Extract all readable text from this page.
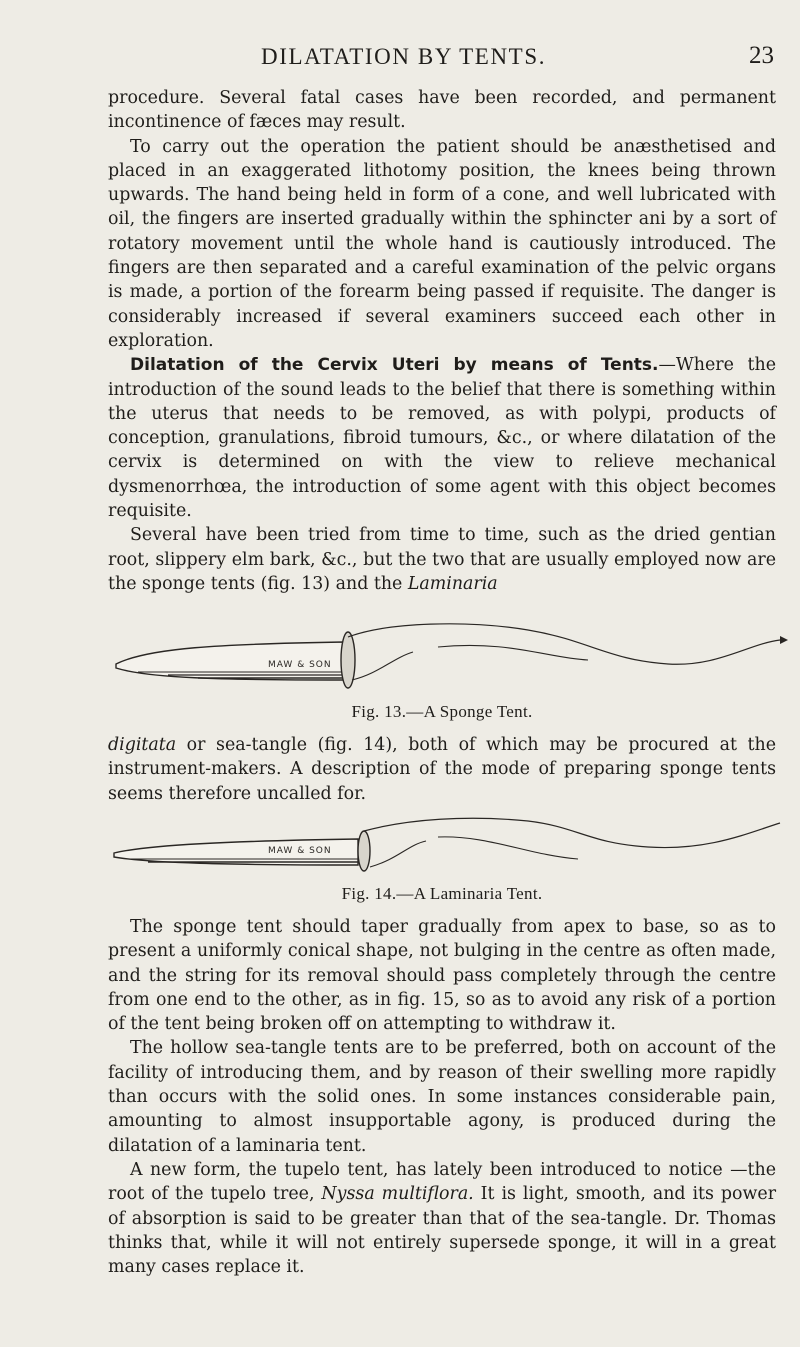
DILATATION BY TENTS.	23

procedure. Several fatal cases have been recorded, and permanent incontinence of fæces may result.

To carry out the operation the patient should be anæsthetised and placed in an exaggerated lithotomy position, the knees being thrown upwards. The hand being held in form of a cone, and well lubricated with oil, the fingers are inserted gradually within the sphincter ani by a sort of rotatory movement until the whole hand is cautiously introduced. The fingers are then separated and a careful examination of the pelvic organs is made, a portion of the forearm being passed if requisite. The danger is considerably increased if several examiners succeed each other in exploration.

Dilatation of the Cervix Uteri by means of Tents.—Where the introduction of the sound leads to the belief that there is something within the uterus that needs to be removed, as with polypi, products of conception, granulations, fibroid tumours, &c., or where dilatation of the cervix is determined on with the view to relieve mechanical dysmenorrhœa, the introduction of some agent with this object becomes requisite.

Several have been tried from time to time, such as the dried gentian root, slippery elm bark, &c., but the two that are usually employed now are the sponge tents (fig. 13) and the Laminaria

MAW & SON
Fig. 13.—A Sponge Tent.

digitata or sea-tangle (fig. 14), both of which may be procured at the instrument-makers. A description of the mode of preparing sponge tents seems therefore uncalled for.

MAW & SON
Fig. 14.—A Laminaria Tent.

The sponge tent should taper gradually from apex to base, so as to present a uniformly conical shape, not bulging in the centre as often made, and the string for its removal should pass completely through the centre from one end to the other, as in fig. 15, so as to avoid any risk of a portion of the tent being broken off on attempting to withdraw it.

The hollow sea-tangle tents are to be preferred, both on account of the facility of introducing them, and by reason of their swelling more rapidly than occurs with the solid ones. In some instances considerable pain, amounting to almost insupportable agony, is produced during the dilatation of a laminaria tent.

A new form, the tupelo tent, has lately been introduced to notice —the root of the tupelo tree, Nyssa multiflora. It is light, smooth, and its power of absorption is said to be greater than that of the sea-tangle. Dr. Thomas thinks that, while it will not entirely supersede sponge, it will in a great many cases replace it.
